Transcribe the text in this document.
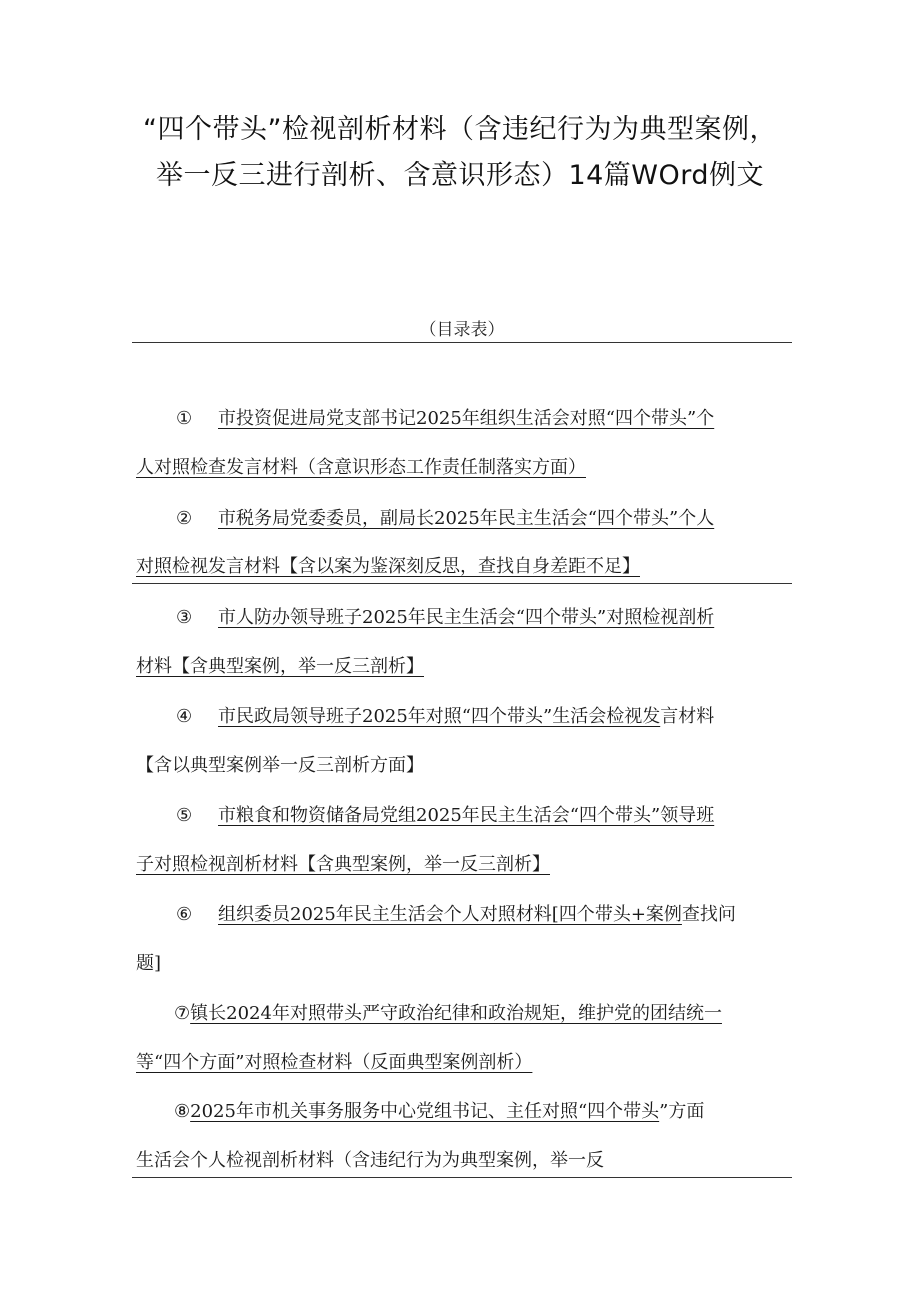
“四个带头”检视剖析材料（含违纪行为为典型案例，
举一反三进行剖析、含意识形态）14篇WOrd例文
（目录表）
① 市投资促进局党支部书记2025年组织生活会对照“四个带头”个
人对照检查发言材料（含意识形态工作责任制落实方面）
② 市税务局党委委员，副局长2025年民主生活会“四个带头”个人
对照检视发言材料【含以案为鉴深刻反思，查找自身差距不足】
③ 市人防办领导班子2025年民主生活会“四个带头”对照检视剖析
材料【含典型案例，举一反三剖析】
④ 市民政局领导班子2025年对照“四个带头”生活会检视发言材料
【含以典型案例举一反三剖析方面】
⑤ 市粮食和物资储备局党组2025年民主生活会“四个带头”领导班
子对照检视剖析材料【含典型案例，举一反三剖析】
⑥ 组织委员2025年民主生活会个人对照材料[四个带头+案例查找问
题]
⑦镇长2024年对照带头严守政治纪律和政治规矩，维护党的团结统一
等“四个方面”对照检查材料（反面典型案例剖析）
⑧2025年市机关事务服务中心党组书记、主任对照“四个带头”方面
生活会个人检视剖析材料（含违纪行为为典型案例，举一反
